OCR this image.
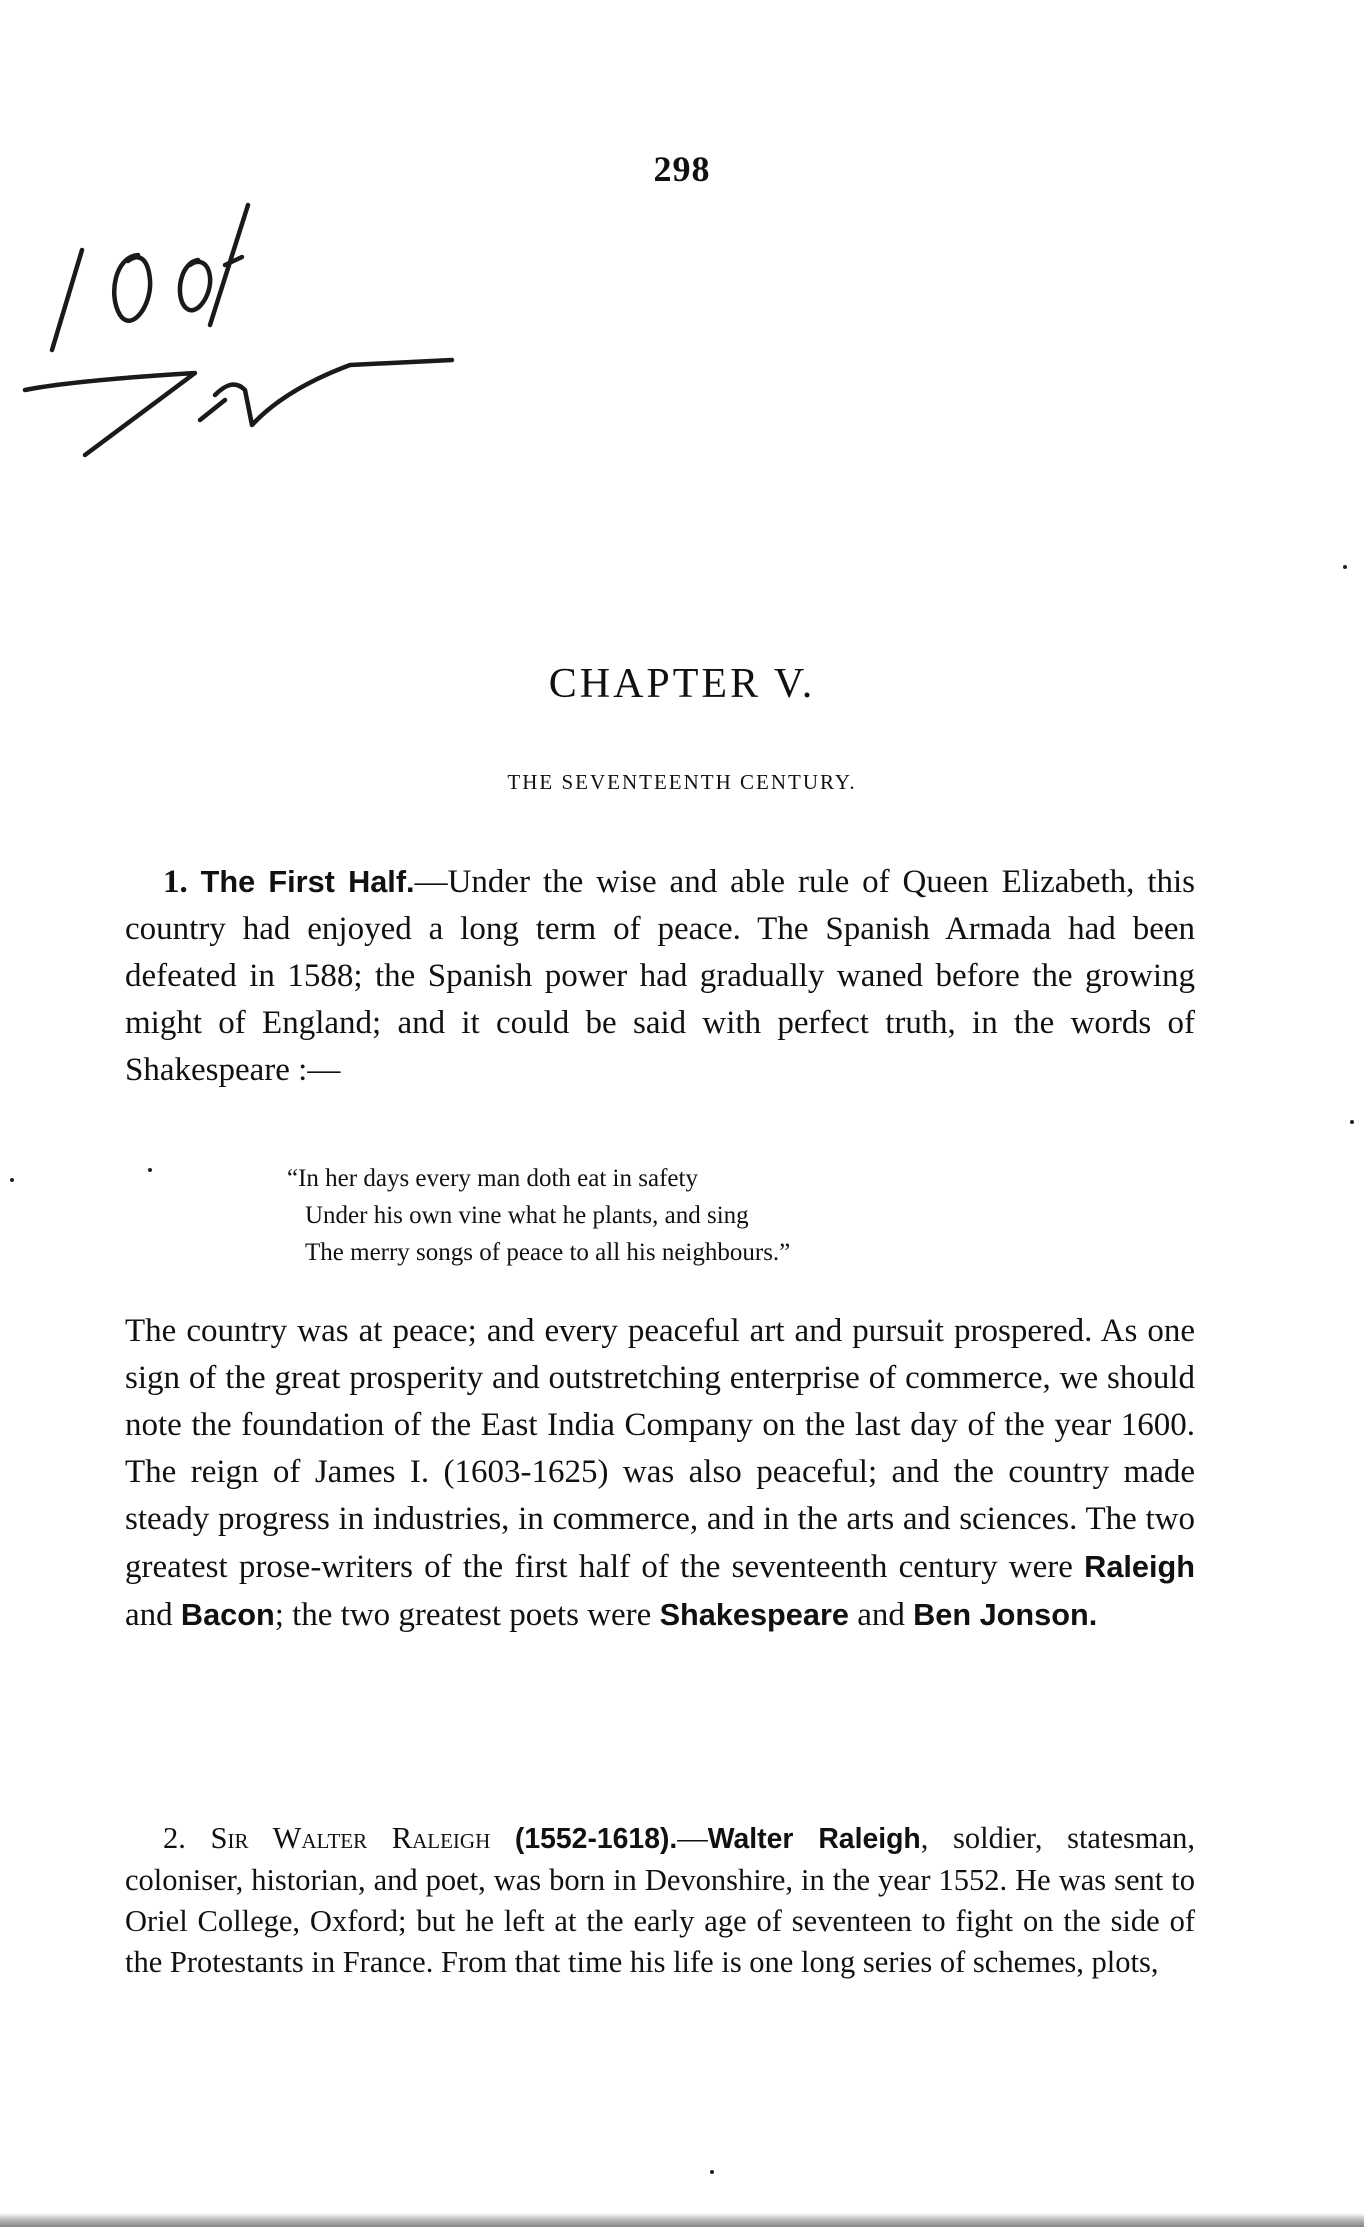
298
CHAPTER V.
THE SEVENTEENTH CENTURY.
1. The First Half.—Under the wise and able rule of Queen Elizabeth, this country had enjoyed a long term of peace. The Spanish Armada had been defeated in 1588; the Spanish power had gradually waned before the growing might of England; and it could be said with perfect truth, in the words of Shakespeare :—
“In her days every man doth eat in safety
Under his own vine what he plants, and sing
The merry songs of peace to all his neighbours.”
The country was at peace; and every peaceful art and pursuit prospered. As one sign of the great prosperity and outstretching enterprise of commerce, we should note the foundation of the East India Company on the last day of the year 1600. The reign of James I. (1603-1625) was also peaceful; and the country made steady progress in industries, in commerce, and in the arts and sciences. The two greatest prose-writers of the first half of the seventeenth century were Raleigh and Bacon; the two greatest poets were Shakespeare and Ben Jonson.
2. Sir Walter Raleigh (1552-1618).—Walter Raleigh, soldier, statesman, coloniser, historian, and poet, was born in Devonshire, in the year 1552. He was sent to Oriel College, Oxford; but he left at the early age of seventeen to fight on the side of the Protestants in France. From that time his life is one long series of schemes, plots,
